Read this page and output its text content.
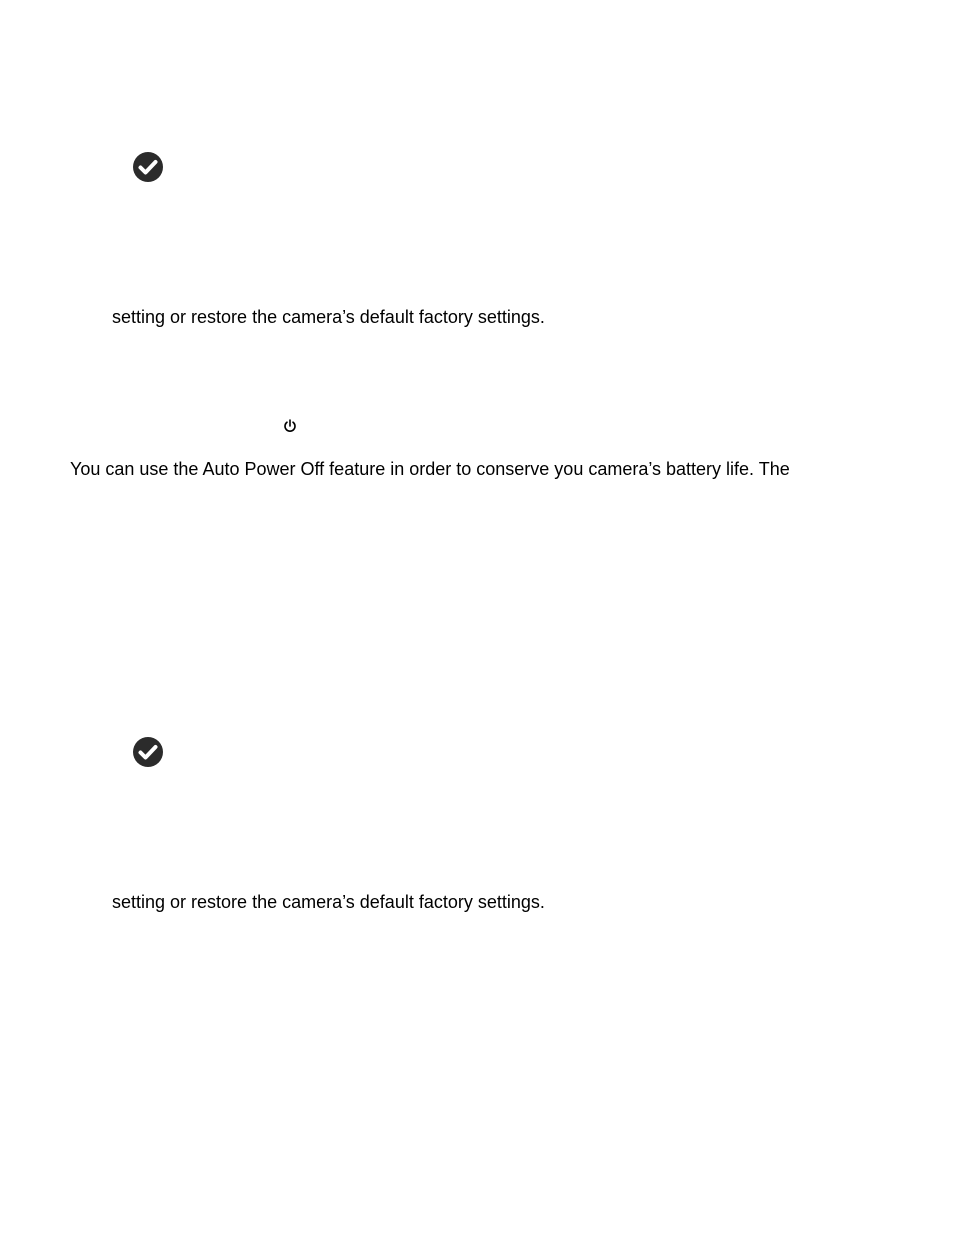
setting or restore the camera’s default factory settings.
You can use the Auto Power Off feature in order to conserve you camera’s battery life. The
setting or restore the camera’s default factory settings.
